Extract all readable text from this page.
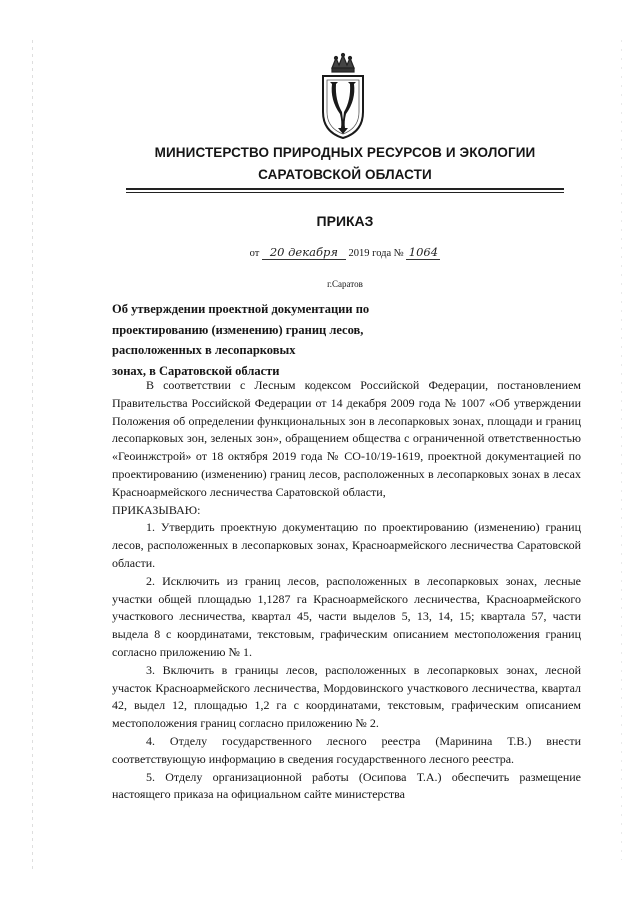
МИНИСТЕРСТВО ПРИРОДНЫХ РЕСУРСОВ И ЭКОЛОГИИ
САРАТОВСКОЙ ОБЛАСТИ
ПРИКАЗ
от 20 декабря 2019 года № 1064
г.Саратов
Об утверждении проектной документации по
проектированию (изменению) границ лесов,
расположенных в лесопарковых
зонах, в Саратовской области

В соответствии с Лесным кодексом Российской Федерации, постановлением Правительства Российской Федерации от 14 декабря 2009 года № 1007 «Об утверждении Положения об определении функциональных зон в лесопарковых зонах, площади и границ лесопарковых зон, зеленых зон», обращением общества с ограниченной ответственностью «Геоинжстрой» от 18 октября 2019 года № СО-10/19-1619, проектной документацией по проектированию (изменению) границ лесов, расположенных в лесопарковых зонах в лесах Красноармейского лесничества Саратовской области,

ПРИКАЗЫВАЮ:

1. Утвердить проектную документацию по проектированию (изменению) границ лесов, расположенных в лесопарковых зонах, Красноармейского лесничества Саратовской области.

2. Исключить из границ лесов, расположенных в лесопарковых зонах, лесные участки общей площадью 1,1287 га Красноармейского лесничества, Красноармейского участкового лесничества, квартал 45, части выделов 5, 13, 14, 15; квартала 57, части выдела 8 с координатами, текстовым, графическим описанием местоположения границ согласно приложению № 1.

3. Включить в границы лесов, расположенных в лесопарковых зонах, лесной участок Красноармейского лесничества, Мордовинского участкового лесничества, квартал 42, выдел 12, площадью 1,2 га с координатами, текстовым, графическим описанием местоположения границ согласно приложению № 2.

4. Отделу государственного лесного реестра (Маринина Т.В.) внести соответствующую информацию в сведения государственного лесного реестра.

5. Отделу организационной работы (Осипова Т.А.) обеспечить размещение настоящего приказа на официальном сайте министерства
